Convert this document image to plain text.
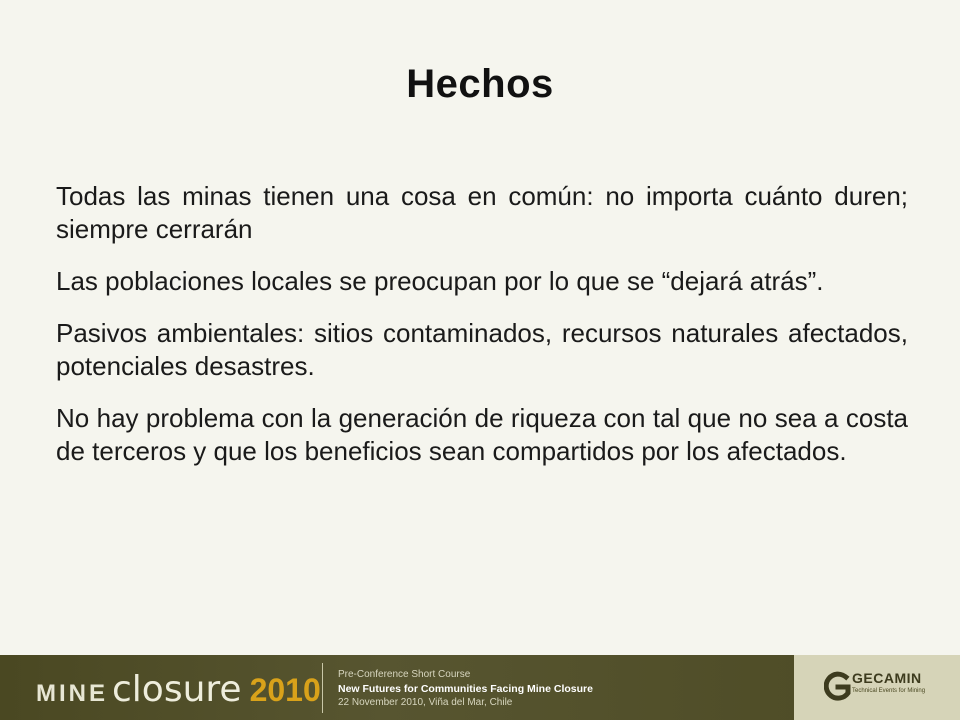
Hechos

Todas las minas tienen una cosa en común: no importa cuánto duren; siempre cerrarán

Las poblaciones locales se preocupan por lo que se “dejará atrás”.

Pasivos ambientales: sitios contaminados, recursos naturales afectados, potenciales desastres.

No hay problema con la generación de riqueza con tal que no sea a costa de terceros y que los beneficios sean compartidos por los afectados.

MINE closure 2010 Pre-Conference Short Course
New Futures for Communities Facing Mine Closure
22 November 2010, Viña del Mar, Chile
GECAMIN
Technical Events for Mining
